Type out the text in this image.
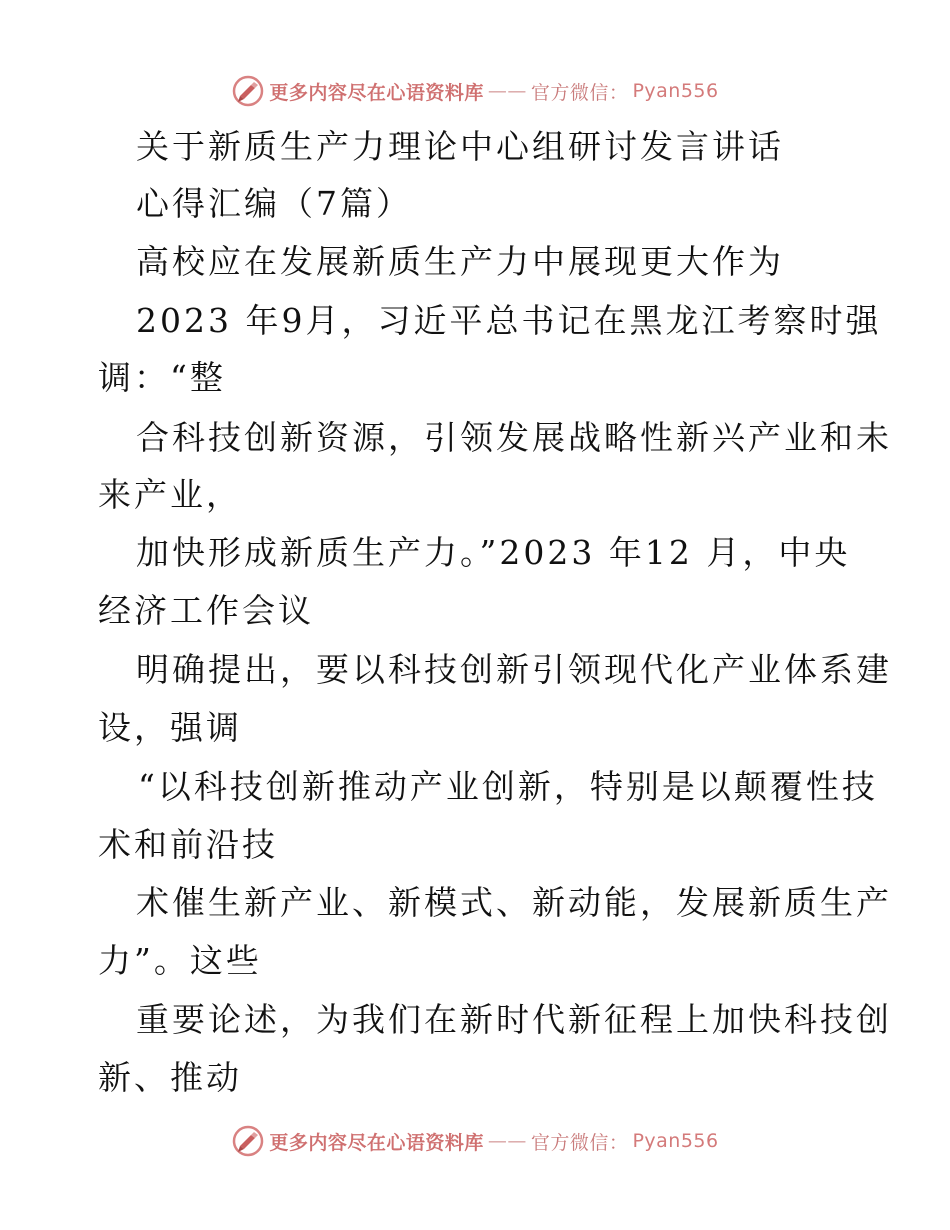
更多内容尽在心语资料库 —— 官方微信： Pyan556
关于新质生产力理论中心组研讨发言讲话
心得汇编（7篇）
高校应在发展新质生产力中展现更大作为
2023 年9月，习近平总书记在黑龙江考察时强
调：“整
合科技创新资源，引领发展战略性新兴产业和未
来产业，
加快形成新质生产力。”2023 年12 月，中央
经济工作会议
明确提出，要以科技创新引领现代化产业体系建
设，强调
“以科技创新推动产业创新，特别是以颠覆性技
术和前沿技
术催生新产业、新模式、新动能，发展新质生产
力”。这些
重要论述，为我们在新时代新征程上加快科技创
新、推动
更多内容尽在心语资料库 —— 官方微信： Pyan556
